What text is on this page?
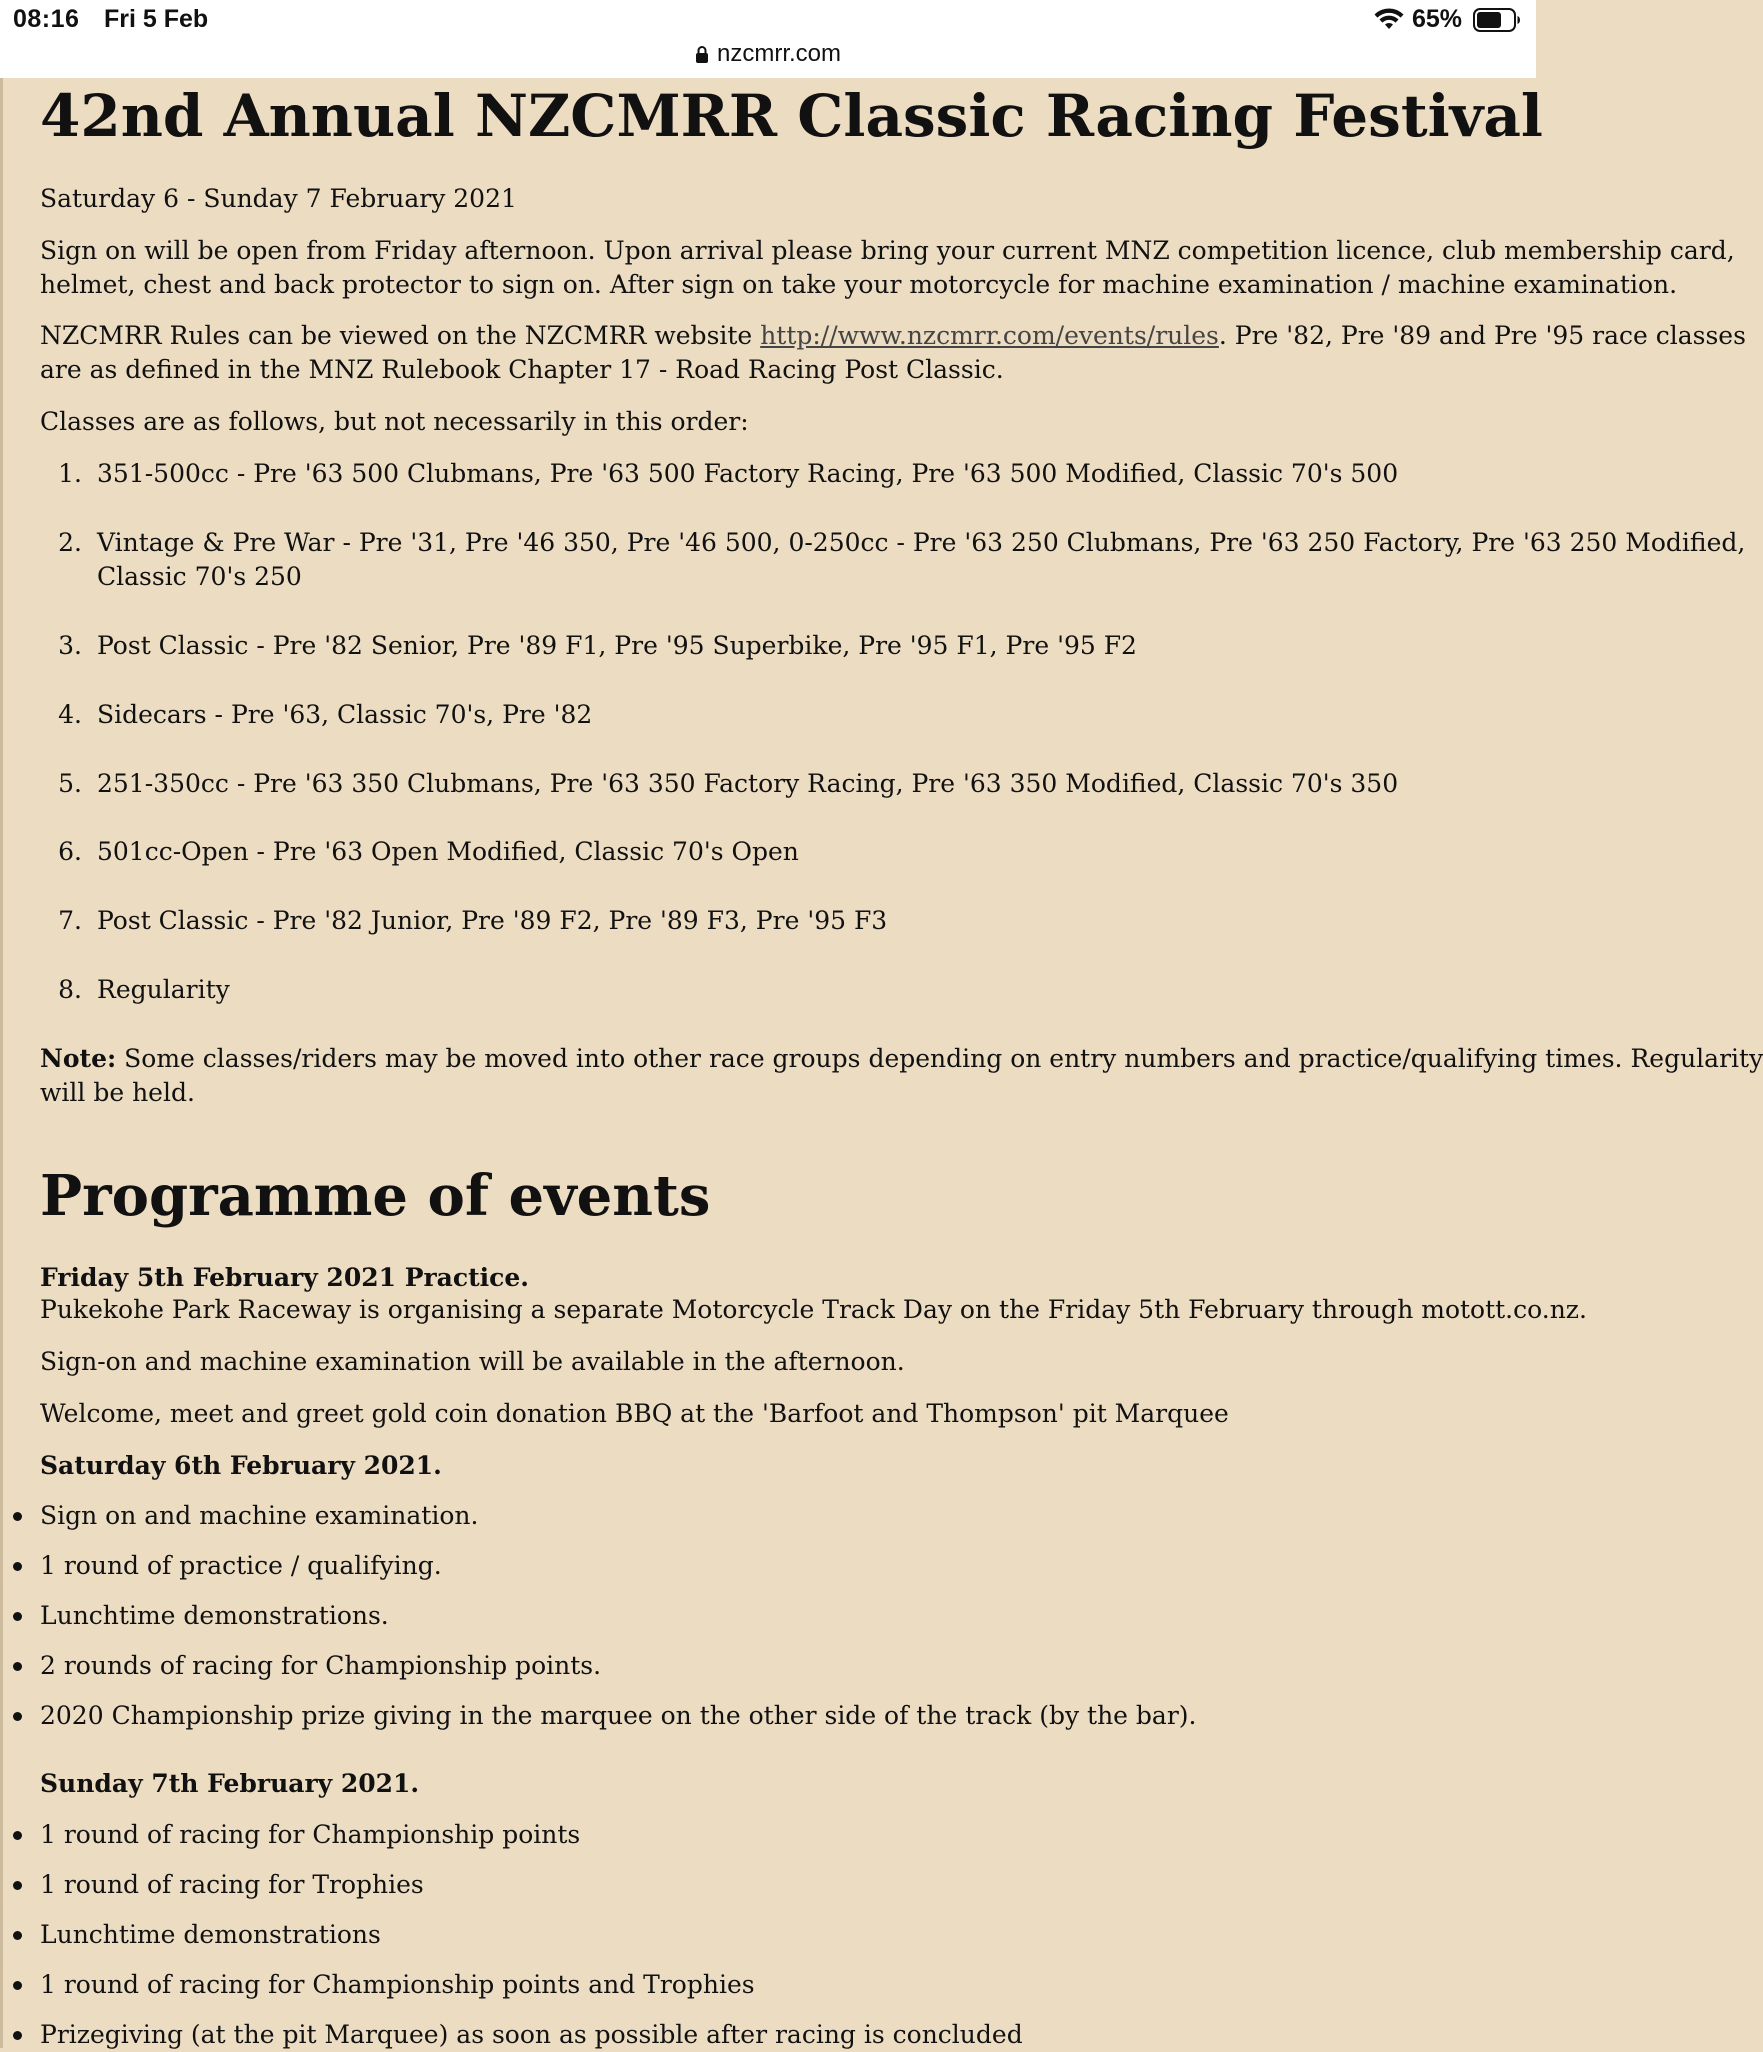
08:16 Fri 5 Feb	65%
nzcmrr.com
42nd Annual NZCMRR Classic Racing Festival
Saturday 6 - Sunday 7 February 2021
Sign on will be open from Friday afternoon. Upon arrival please bring your current MNZ competition licence, club membership card,
helmet, chest and back protector to sign on. After sign on take your motorcycle for machine examination / machine examination.
NZCMRR Rules can be viewed on the NZCMRR website http://www.nzcmrr.com/events/rules. Pre '82, Pre '89 and Pre '95 race classes
are as defined in the MNZ Rulebook Chapter 17 - Road Racing Post Classic.
Classes are as follows, but not necessarily in this order:
1. 351-500cc - Pre '63 500 Clubmans, Pre '63 500 Factory Racing, Pre '63 500 Modified, Classic 70's 500
2. Vintage & Pre War - Pre '31, Pre '46 350, Pre '46 500, 0-250cc - Pre '63 250 Clubmans, Pre '63 250 Factory, Pre '63 250 Modified,
Classic 70's 250
3. Post Classic - Pre '82 Senior, Pre '89 F1, Pre '95 Superbike, Pre '95 F1, Pre '95 F2
4. Sidecars - Pre '63, Classic 70's, Pre '82
5. 251-350cc - Pre '63 350 Clubmans, Pre '63 350 Factory Racing, Pre '63 350 Modified, Classic 70's 350
6. 501cc-Open - Pre '63 Open Modified, Classic 70's Open
7. Post Classic - Pre '82 Junior, Pre '89 F2, Pre '89 F3, Pre '95 F3
8. Regularity
Note: Some classes/riders may be moved into other race groups depending on entry numbers and practice/qualifying times. Regularity
will be held.
Programme of events
Friday 5th February 2021 Practice.
Pukekohe Park Raceway is organising a separate Motorcycle Track Day on the Friday 5th February through motott.co.nz.
Sign-on and machine examination will be available in the afternoon.
Welcome, meet and greet gold coin donation BBQ at the 'Barfoot and Thompson' pit Marquee
Saturday 6th February 2021.
Sign on and machine examination.
1 round of practice / qualifying.
Lunchtime demonstrations.
2 rounds of racing for Championship points.
2020 Championship prize giving in the marquee on the other side of the track (by the bar).
Sunday 7th February 2021.
1 round of racing for Championship points
1 round of racing for Trophies
Lunchtime demonstrations
1 round of racing for Championship points and Trophies
Prizegiving (at the pit Marquee) as soon as possible after racing is concluded
